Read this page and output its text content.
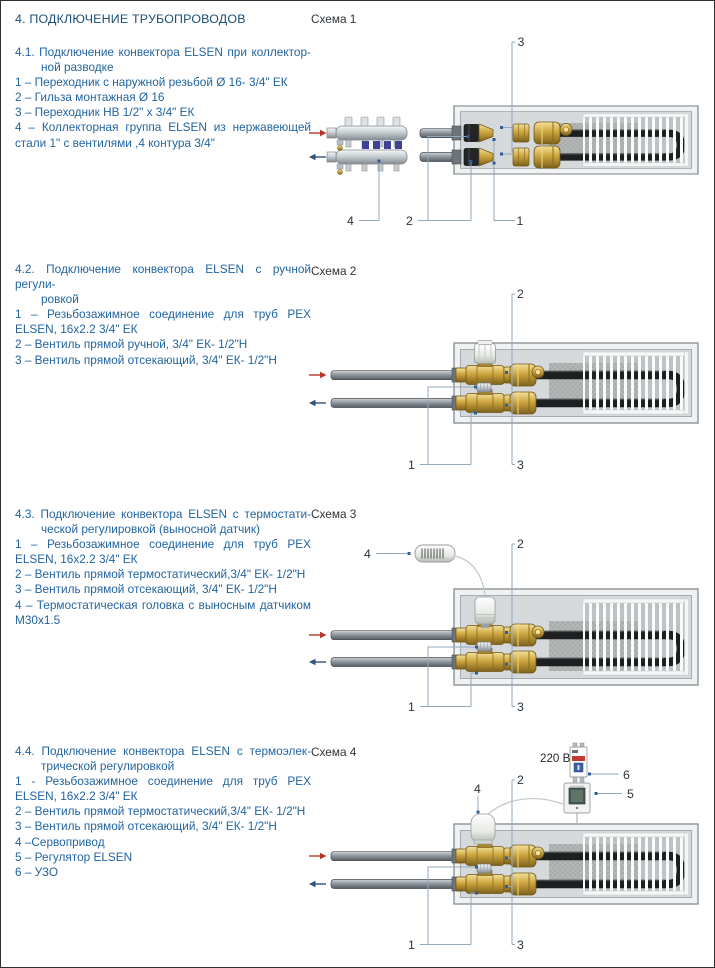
4. ПОДКЛЮЧЕНИЕ ТРУБОПРОВОДОВ
4.1. Подключение конвектора ELSEN при коллектор-
ной разводке
1 – Переходник с наружной резьбой Ø 16- 3/4" ЕК
2 – Гильза монтажная Ø 16
3 – Переходник НВ 1/2" х 3/4" ЕК
4 – Коллекторная группа ELSEN из нержавеющей стали 1" с вентилями ,4 контура 3/4"
4.2. Подключение конвектора ELSEN с ручной регули-
ровкой
1 – Резьбозажимное соединение для труб PEX ELSEN, 16х2.2 3/4" ЕК
2 – Вентиль прямой ручной, 3/4" ЕК- 1/2"Н
3 – Вентиль прямой отсекающий, 3/4" ЕК- 1/2"Н
4.3. Подключение конвектора ELSEN с термостати-
ческой регулировкой (выносной датчик)
1 – Резьбозажимное соединение для труб PEX ELSEN, 16х2.2 3/4" ЕК
2 – Вентиль прямой термостатический,3/4" ЕК- 1/2"Н
3 – Вентиль прямой отсекающий, 3/4" ЕК- 1/2"Н
4 – Термостатическая головка с выносным датчиком М30х1.5
4.4. Подключение конвектора ELSEN с термоэлек-
трической регулировкой
1 - Резьбозажимное соединение для труб PEX ELSEN, 16х2.2 3/4" ЕК
2 – Вентиль прямой термостатический,3/4" ЕК- 1/2"Н
3 – Вентиль прямой отсекающий, 3/4" ЕК- 1/2"Н
4 –Сервопривод
5 – Регулятор ELSEN
6 – УЗО
Схема 1
Схема 2
Схема 3
Схема 4
3
4	2	1
2
3
1
4
2
3
1
220 В
6
5
4
2
3
1
